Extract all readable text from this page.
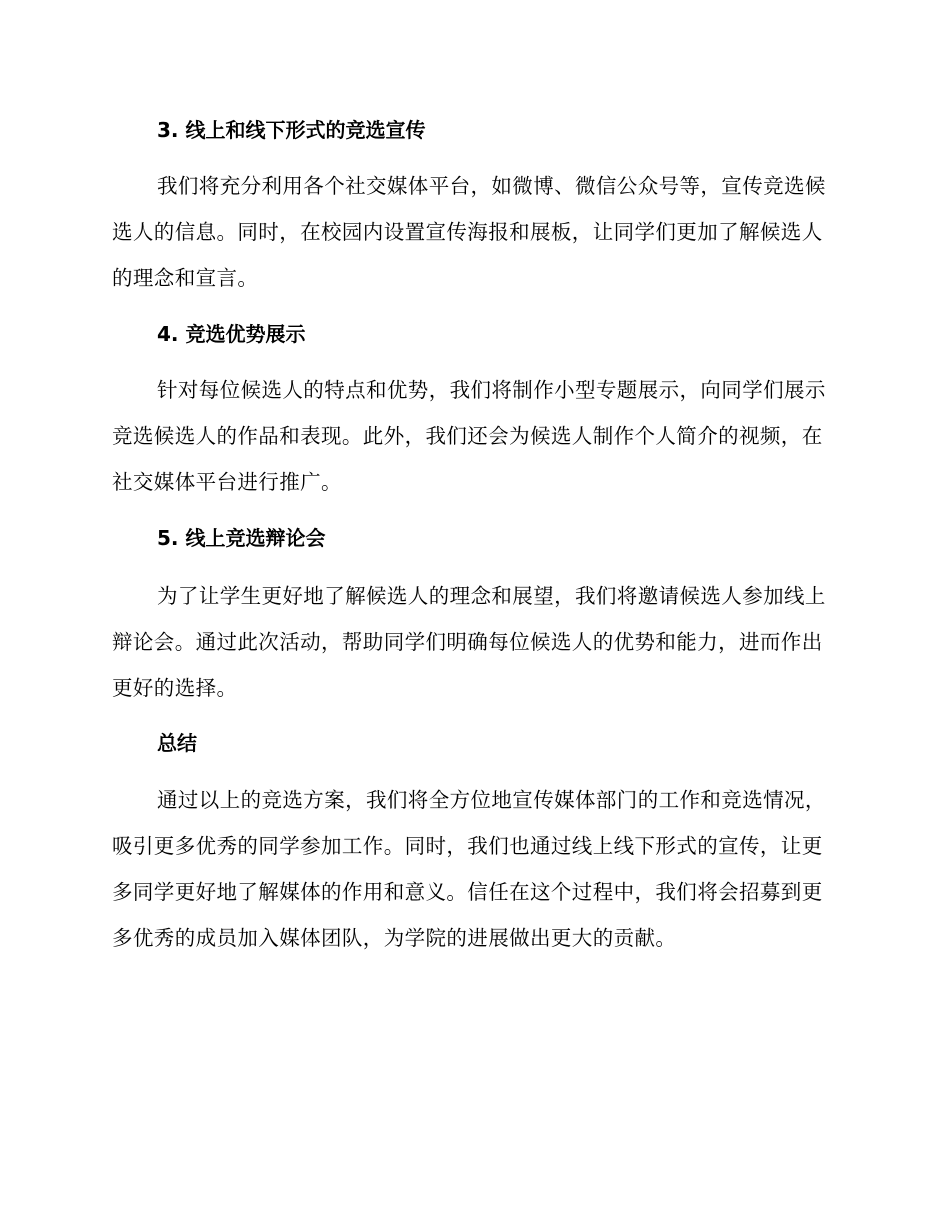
3. 线上和线下形式的竞选宣传

我们将充分利用各个社交媒体平台，如微博、微信公众号等，宣传竞选候选人的信息。同时，在校园内设置宣传海报和展板，让同学们更加了解候选人的理念和宣言。

4. 竞选优势展示

针对每位候选人的特点和优势，我们将制作小型专题展示，向同学们展示竞选候选人的作品和表现。此外，我们还会为候选人制作个人简介的视频，在社交媒体平台进行推广。

5. 线上竞选辩论会

为了让学生更好地了解候选人的理念和展望，我们将邀请候选人参加线上辩论会。通过此次活动，帮助同学们明确每位候选人的优势和能力，进而作出更好的选择。

总结

通过以上的竞选方案，我们将全方位地宣传媒体部门的工作和竞选情况，吸引更多优秀的同学参加工作。同时，我们也通过线上线下形式的宣传，让更多同学更好地了解媒体的作用和意义。信任在这个过程中，我们将会招募到更多优秀的成员加入媒体团队，为学院的进展做出更大的贡献。
